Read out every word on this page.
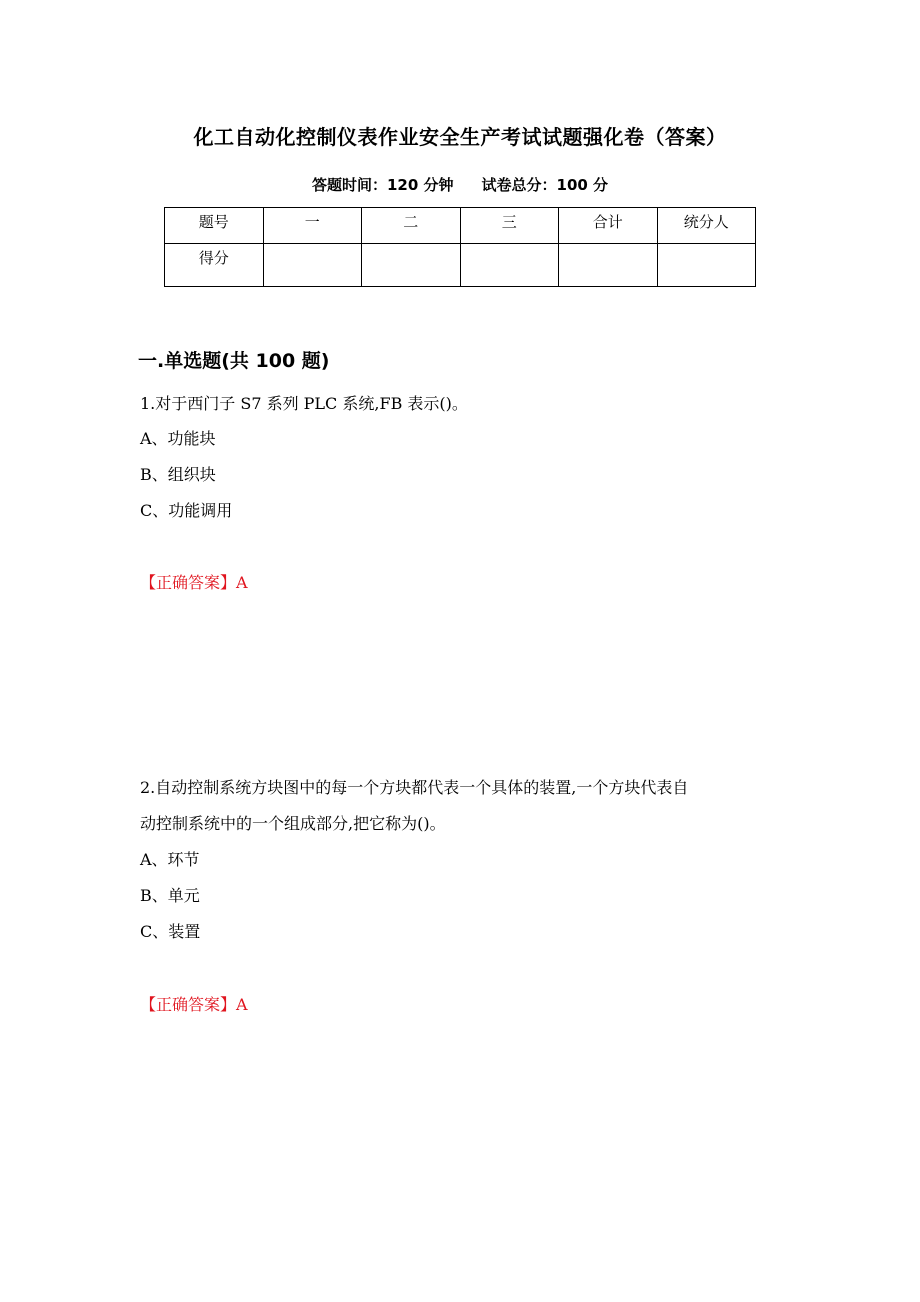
化工自动化控制仪表作业安全生产考试试题强化卷（答案）
答题时间：120 分钟 试卷总分：100 分
题号	一	二	三	合计	统分人
得分					
一.单选题(共 100 题)
1.对于西门子 S7 系列 PLC 系统,FB 表示()。
A、功能块
B、组织块
C、功能调用
【正确答案】A
2.自动控制系统方块图中的每一个方块都代表一个具体的装置,一个方块代表自
动控制系统中的一个组成部分,把它称为()。
A、环节
B、单元
C、装置
【正确答案】A
